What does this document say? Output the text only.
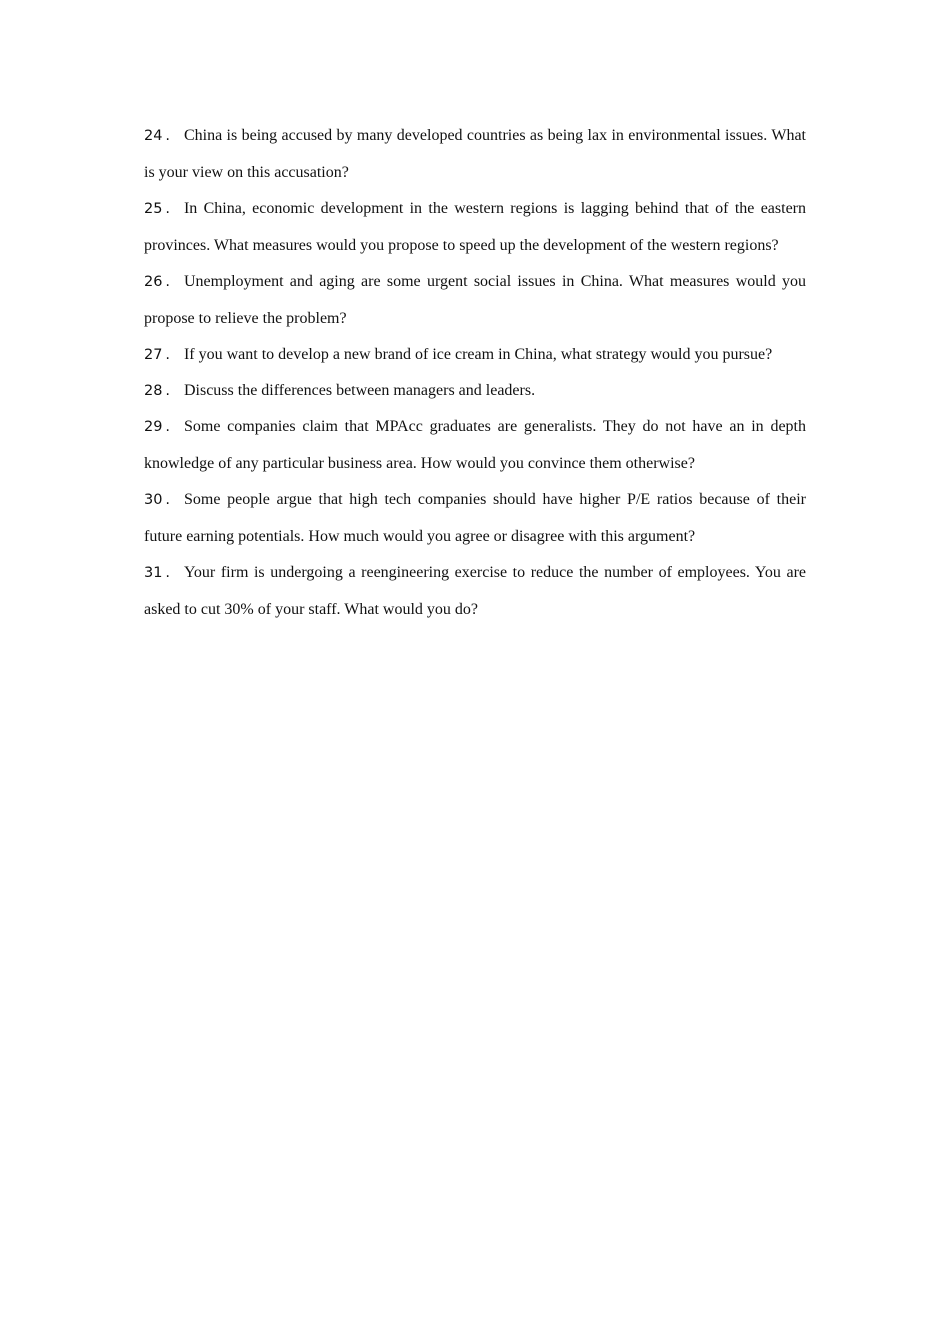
24 . China is being accused by many developed countries as being lax in environmental issues. What is your view on this accusation?

25 . In China, economic development in the western regions is lagging behind that of the eastern provinces. What measures would you propose to speed up the development of the western regions?

26 . Unemployment and aging are some urgent social issues in China. What measures would you propose to relieve the problem?

27 . If you want to develop a new brand of ice cream in China, what strategy would you pursue?

28 . Discuss the differences between managers and leaders.

29 . Some companies claim that MPAcc graduates are generalists. They do not have an in depth knowledge of any particular business area. How would you convince them otherwise?

30 . Some people argue that high tech companies should have higher P/E ratios because of their future earning potentials. How much would you agree or disagree with this argument?

31 . Your firm is undergoing a reengineering exercise to reduce the number of employees. You are asked to cut 30% of your staff. What would you do?
